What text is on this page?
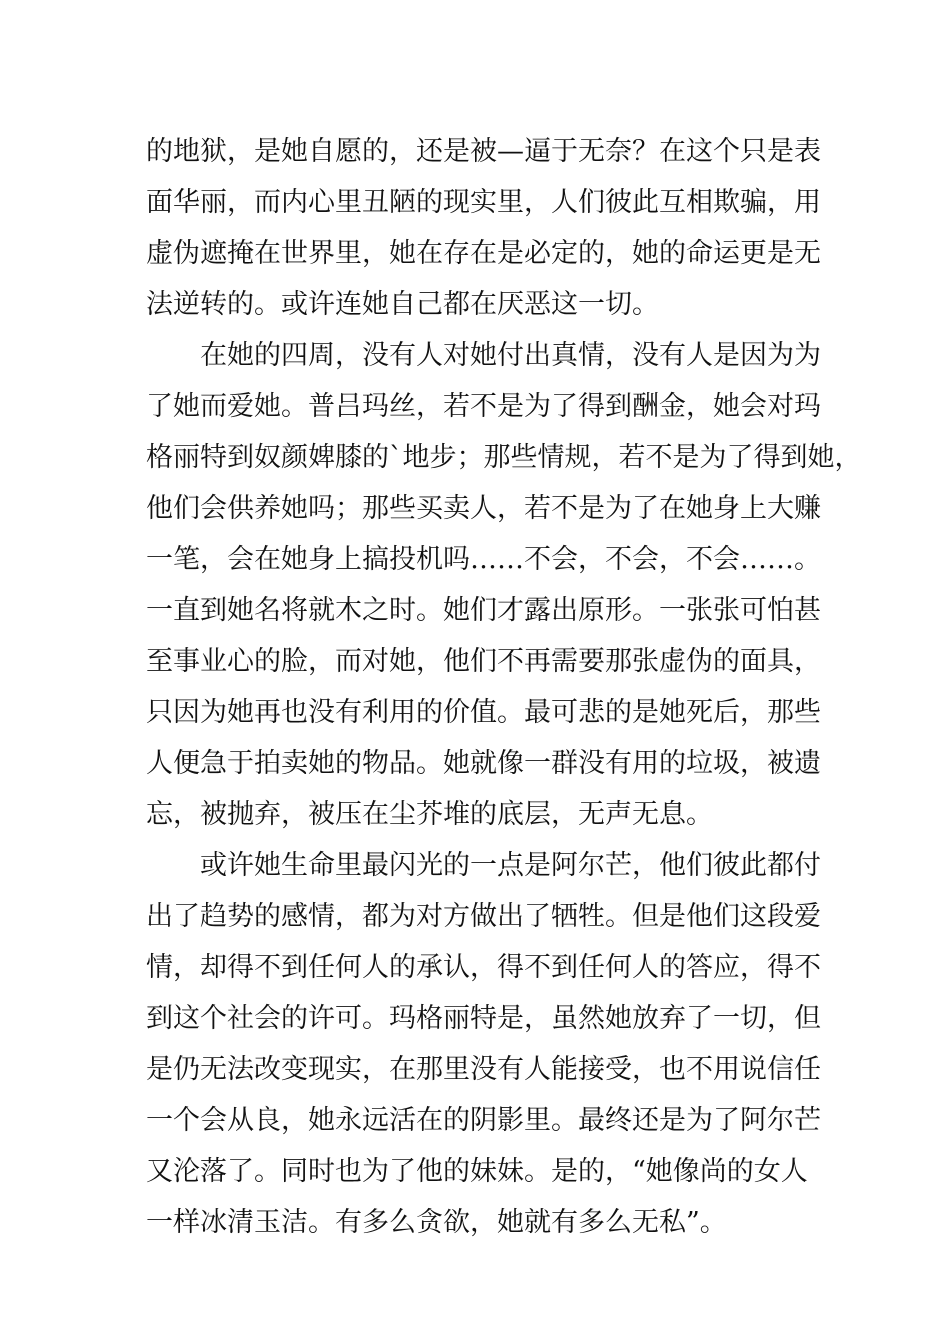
的地狱，是她自愿的，还是被—逼于无奈？在这个只是表
面华丽，而内心里丑陋的现实里，人们彼此互相欺骗，用
虚伪遮掩在世界里，她在存在是必定的，她的命运更是无
法逆转的。或许连她自己都在厌恶这一切。
　　在她的四周，没有人对她付出真情，没有人是因为为
了她而爱她。普吕玛丝，若不是为了得到酬金，她会对玛
格丽特到奴颜婢膝的`地步；那些情规，若不是为了得到她，
他们会供养她吗；那些买卖人，若不是为了在她身上大赚
一笔，会在她身上搞投机吗……不会，不会，不会……。
一直到她名将就木之时。她们才露出原形。一张张可怕甚
至事业心的脸，而对她，他们不再需要那张虚伪的面具，
只因为她再也没有利用的价值。最可悲的是她死后，那些
人便急于拍卖她的物品。她就像一群没有用的垃圾，被遗
忘，被抛弃，被压在尘芥堆的底层，无声无息。
　　或许她生命里最闪光的一点是阿尔芒，他们彼此都付
出了趋势的感情，都为对方做出了牺牲。但是他们这段爱
情，却得不到任何人的承认，得不到任何人的答应，得不
到这个社会的许可。玛格丽特是，虽然她放弃了一切，但
是仍无法改变现实，在那里没有人能接受，也不用说信任
一个会从良，她永远活在的阴影里。最终还是为了阿尔芒
又沦落了。同时也为了他的妹妹。是的，“她像尚的女人
一样冰清玉洁。有多么贪欲，她就有多么无私”。
